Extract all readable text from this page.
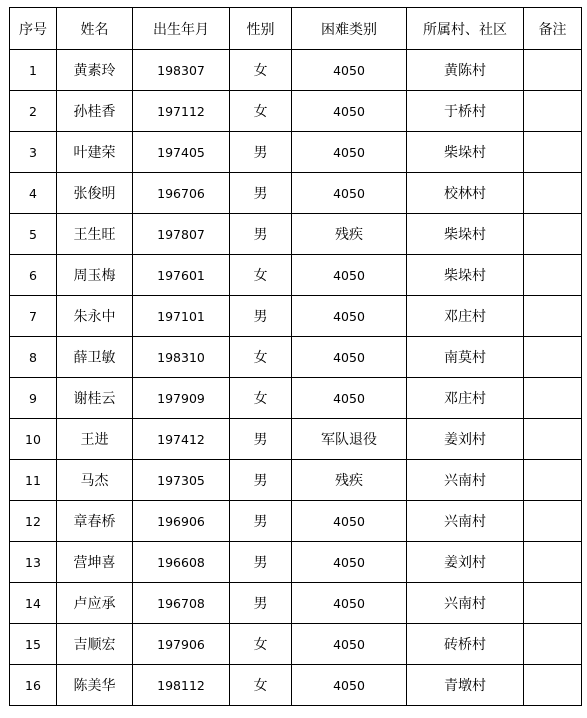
序号	姓名	出生年月	性别	困难类别	所属村、社区	备注
1	黄素玲	198307	女	4050	黄陈村	
2	孙桂香	197112	女	4050	于桥村	
3	叶建荣	197405	男	4050	柴垛村	
4	张俊明	196706	男	4050	校林村	
5	王生旺	197807	男	残疾	柴垛村	
6	周玉梅	197601	女	4050	柴垛村	
7	朱永中	197101	男	4050	邓庄村	
8	薛卫敏	198310	女	4050	南莫村	
9	谢桂云	197909	女	4050	邓庄村	
10	王进	197412	男	军队退役	姜刘村	
11	马杰	197305	男	残疾	兴南村	
12	章春桥	196906	男	4050	兴南村	
13	营坤喜	196608	男	4050	姜刘村	
14	卢应承	196708	男	4050	兴南村	
15	吉顺宏	197906	女	4050	砖桥村	
16	陈美华	198112	女	4050	青墩村	
